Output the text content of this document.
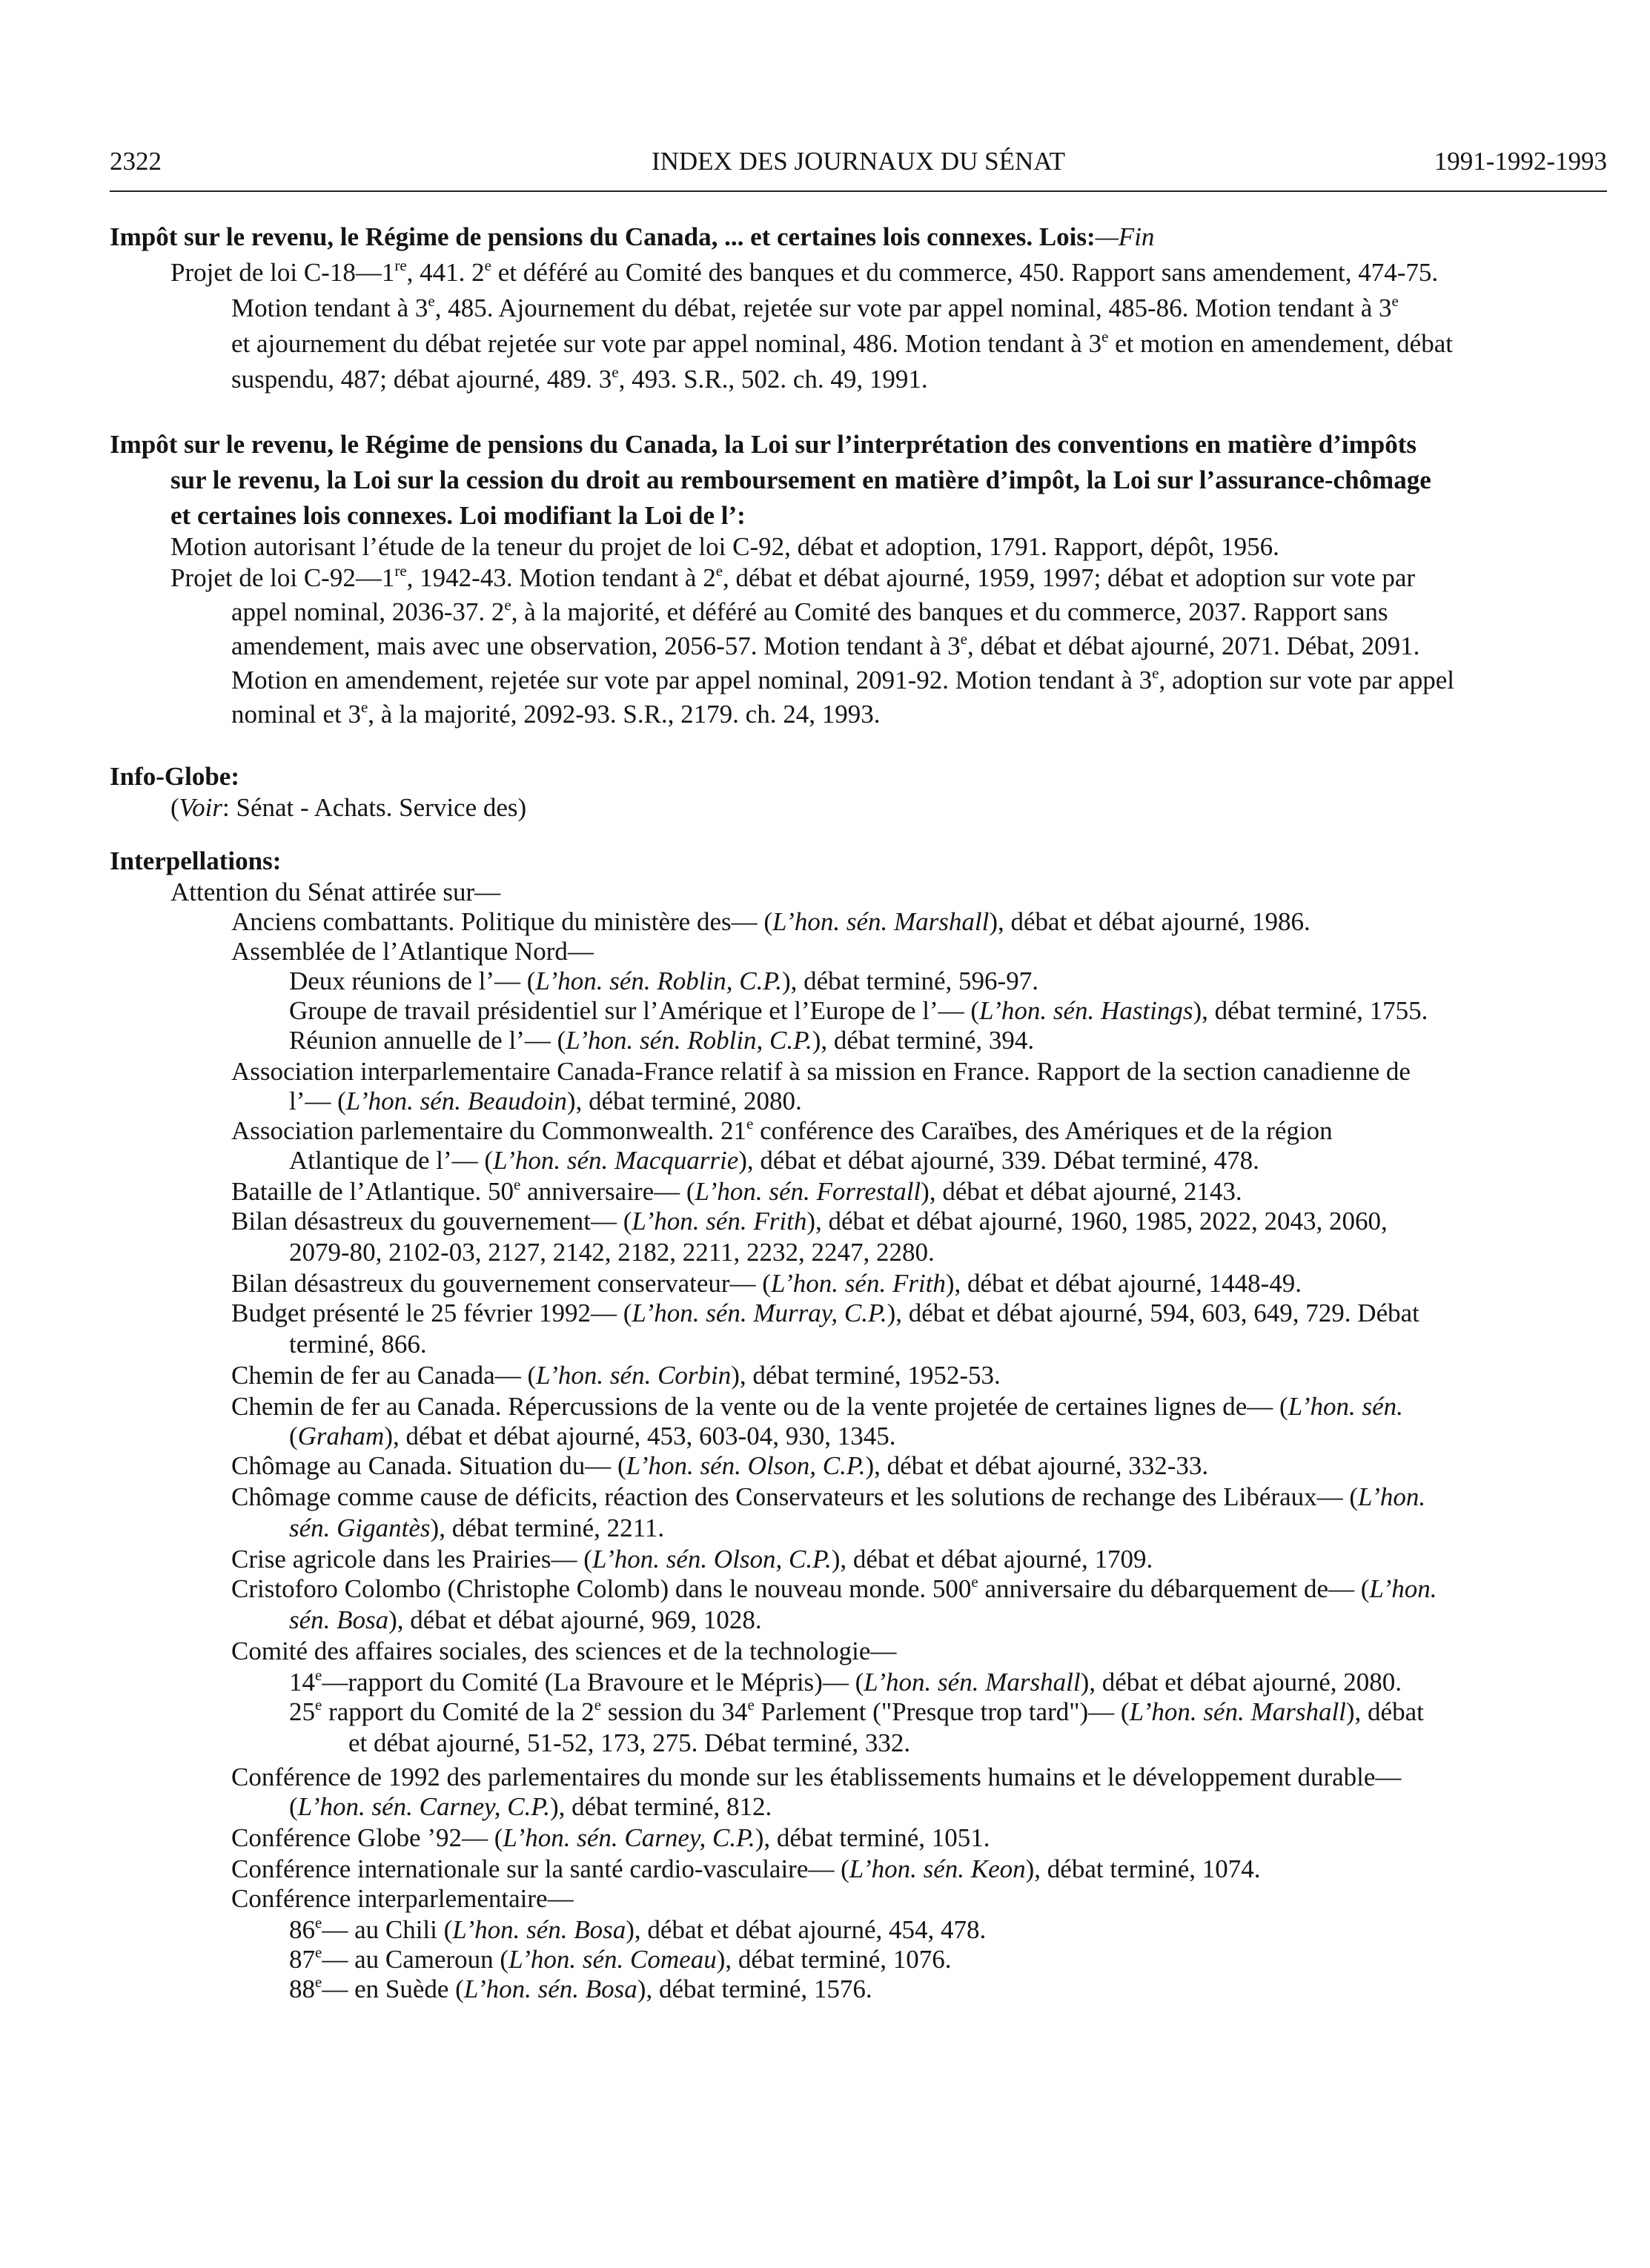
2322	INDEX DES JOURNAUX DU SÉNAT	1991-1992-1993
Impôt sur le revenu, le Régime de pensions du Canada, ... et certaines lois connexes. Lois:—Fin
Projet de loi C-18—1re, 441. 2e et déféré au Comité des banques et du commerce, 450. Rapport sans amendement, 474-75.
Motion tendant à 3e, 485. Ajournement du débat, rejetée sur vote par appel nominal, 485-86. Motion tendant à 3e
et ajournement du débat rejetée sur vote par appel nominal, 486. Motion tendant à 3e et motion en amendement, débat
suspendu, 487; débat ajourné, 489. 3e, 493. S.R., 502. ch. 49, 1991.
Impôt sur le revenu, le Régime de pensions du Canada, la Loi sur l’interprétation des conventions en matière d’impôts
sur le revenu, la Loi sur la cession du droit au remboursement en matière d’impôt, la Loi sur l’assurance-chômage
et certaines lois connexes. Loi modifiant la Loi de l’:
Motion autorisant l’étude de la teneur du projet de loi C-92, débat et adoption, 1791. Rapport, dépôt, 1956.
Projet de loi C-92—1re, 1942-43. Motion tendant à 2e, débat et débat ajourné, 1959, 1997; débat et adoption sur vote par
appel nominal, 2036-37. 2e, à la majorité, et déféré au Comité des banques et du commerce, 2037. Rapport sans
amendement, mais avec une observation, 2056-57. Motion tendant à 3e, débat et débat ajourné, 2071. Débat, 2091.
Motion en amendement, rejetée sur vote par appel nominal, 2091-92. Motion tendant à 3e, adoption sur vote par appel
nominal et 3e, à la majorité, 2092-93. S.R., 2179. ch. 24, 1993.
Info-Globe:
(Voir: Sénat - Achats. Service des)
Interpellations:
Attention du Sénat attirée sur—
Anciens combattants. Politique du ministère des— (L’hon. sén. Marshall), débat et débat ajourné, 1986.
Assemblée de l’Atlantique Nord—
Deux réunions de l’— (L’hon. sén. Roblin, C.P.), débat terminé, 596-97.
Groupe de travail présidentiel sur l’Amérique et l’Europe de l’— (L’hon. sén. Hastings), débat terminé, 1755.
Réunion annuelle de l’— (L’hon. sén. Roblin, C.P.), débat terminé, 394.
Association interparlementaire Canada-France relatif à sa mission en France. Rapport de la section canadienne de
l’— (L’hon. sén. Beaudoin), débat terminé, 2080.
Association parlementaire du Commonwealth. 21e conférence des Caraïbes, des Amériques et de la région
Atlantique de l’— (L’hon. sén. Macquarrie), débat et débat ajourné, 339. Débat terminé, 478.
Bataille de l’Atlantique. 50e anniversaire— (L’hon. sén. Forrestall), débat et débat ajourné, 2143.
Bilan désastreux du gouvernement— (L’hon. sén. Frith), débat et débat ajourné, 1960, 1985, 2022, 2043, 2060,
2079-80, 2102-03, 2127, 2142, 2182, 2211, 2232, 2247, 2280.
Bilan désastreux du gouvernement conservateur— (L’hon. sén. Frith), débat et débat ajourné, 1448-49.
Budget présenté le 25 février 1992— (L’hon. sén. Murray, C.P.), débat et débat ajourné, 594, 603, 649, 729. Débat
terminé, 866.
Chemin de fer au Canada— (L’hon. sén. Corbin), débat terminé, 1952-53.
Chemin de fer au Canada. Répercussions de la vente ou de la vente projetée de certaines lignes de— (L’hon. sén.
(Graham), débat et débat ajourné, 453, 603-04, 930, 1345.
Chômage au Canada. Situation du— (L’hon. sén. Olson, C.P.), débat et débat ajourné, 332-33.
Chômage comme cause de déficits, réaction des Conservateurs et les solutions de rechange des Libéraux— (L’hon.
sén. Gigantès), débat terminé, 2211.
Crise agricole dans les Prairies— (L’hon. sén. Olson, C.P.), débat et débat ajourné, 1709.
Cristoforo Colombo (Christophe Colomb) dans le nouveau monde. 500e anniversaire du débarquement de— (L’hon.
sén. Bosa), débat et débat ajourné, 969, 1028.
Comité des affaires sociales, des sciences et de la technologie—
14e—rapport du Comité (La Bravoure et le Mépris)— (L’hon. sén. Marshall), débat et débat ajourné, 2080.
25e rapport du Comité de la 2e session du 34e Parlement ("Presque trop tard")— (L’hon. sén. Marshall), débat
et débat ajourné, 51-52, 173, 275. Débat terminé, 332.
Conférence de 1992 des parlementaires du monde sur les établissements humains et le développement durable—
(L’hon. sén. Carney, C.P.), débat terminé, 812.
Conférence Globe ’92— (L’hon. sén. Carney, C.P.), débat terminé, 1051.
Conférence internationale sur la santé cardio-vasculaire— (L’hon. sén. Keon), débat terminé, 1074.
Conférence interparlementaire—
86e— au Chili (L’hon. sén. Bosa), débat et débat ajourné, 454, 478.
87e— au Cameroun (L’hon. sén. Comeau), débat terminé, 1076.
88e— en Suède (L’hon. sén. Bosa), débat terminé, 1576.
